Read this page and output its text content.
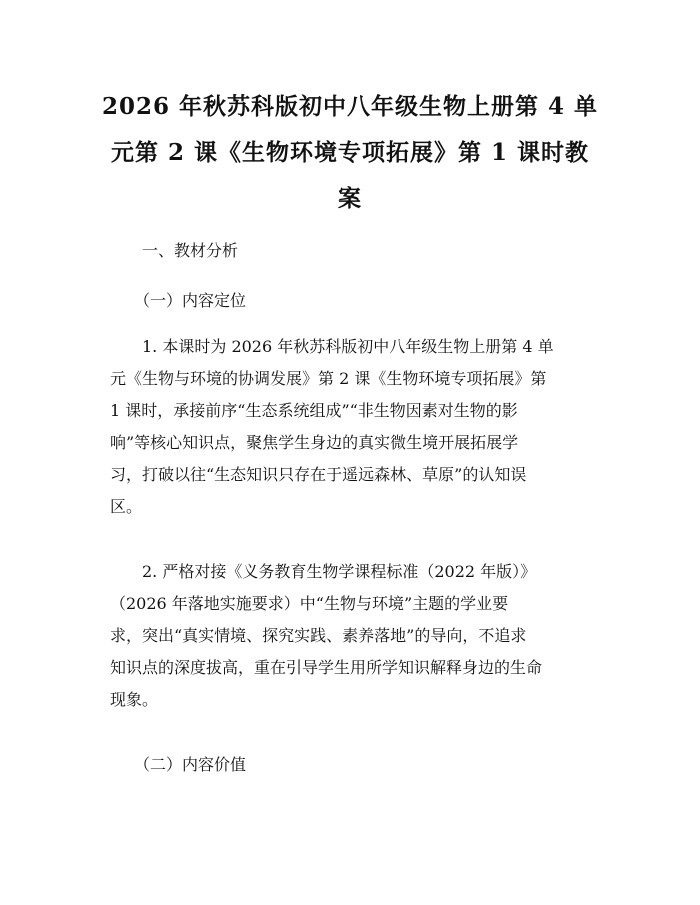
2026 年秋苏科版初中八年级生物上册第 4 单
元第 2 课《生物环境专项拓展》第 1 课时教
案
一、教材分析
（一）内容定位

1. 本课时为 2026 年秋苏科版初中八年级生物上册第 4 单
元《生物与环境的协调发展》第 2 课《生物环境专项拓展》第
1 课时，承接前序“生态系统组成”“非生物因素对生物的影
响”等核心知识点，聚焦学生身边的真实微生境开展拓展学
习，打破以往“生态知识只存在于遥远森林、草原”的认知误
区。

2. 严格对接《义务教育生物学课程标准（2022 年版）》
（2026 年落地实施要求）中“生物与环境”主题的学业要
求，突出“真实情境、探究实践、素养落地”的导向，不追求
知识点的深度拔高，重在引导学生用所学知识解释身边的生命
现象。

（二）内容价值
